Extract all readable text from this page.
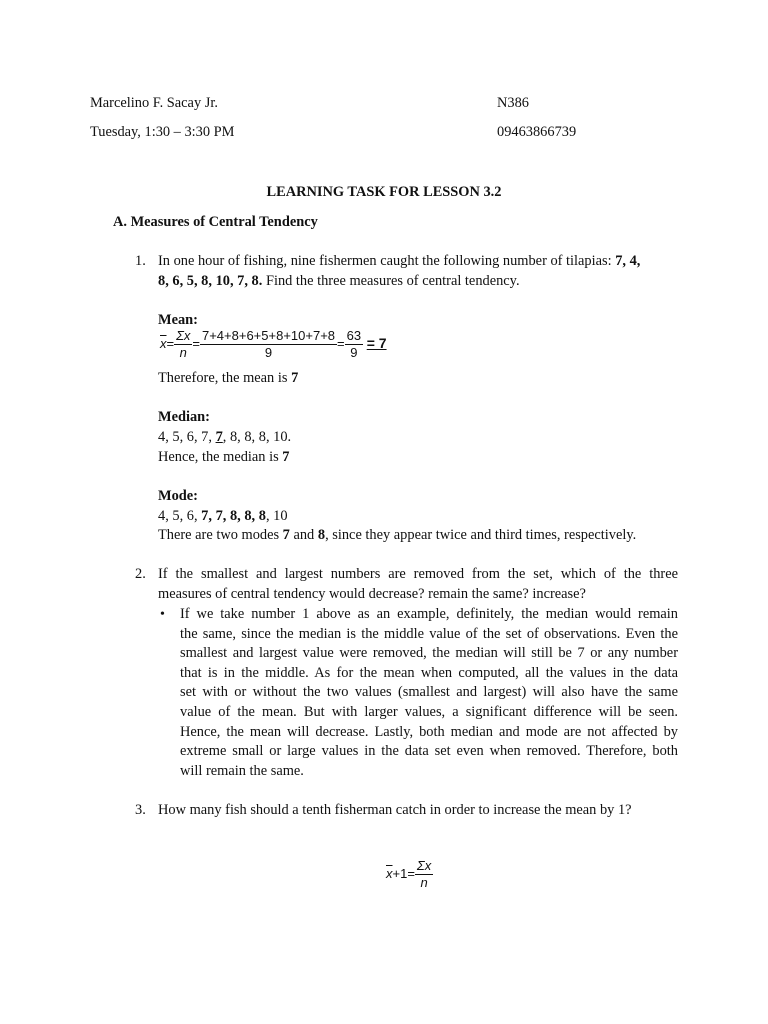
Marcelino F. Sacay Jr.	N386
Tuesday, 1:30 – 3:30 PM	09463866739
LEARNING TASK FOR LESSON 3.2
A. Measures of Central Tendency
1. In one hour of fishing, nine fishermen caught the following number of tilapias: 7, 4,
8, 6, 5, 8, 10, 7, 8. Find the three measures of central tendency.
Mean:
$\overline{x}= \frac{\Sigma x}{n} = \frac{7+4+8+6+5+8+10+7+8}{9} = \frac{63}{9} = 7$
Therefore, the mean is 7
Median:
4, 5, 6, 7, 7, 8, 8, 8, 10.
Hence, the median is 7
Mode:
4, 5, 6, 7, 7, 8, 8, 8, 10
There are two modes 7 and 8, since they appear twice and third times, respectively.
2. If the smallest and largest numbers are removed from the set, which of the three
measures of central tendency would decrease? remain the same? increase?
• If we take number 1 above as an example, definitely, the median would remain
the same, since the median is the middle value of the set of observations. Even the
smallest and largest value were removed, the median will still be 7 or any number
that is in the middle. As for the mean when computed, all the values in the data
set with or without the two values (smallest and largest) will also have the same
value of the mean. But with larger values, a significant difference will be seen.
Hence, the mean will decrease. Lastly, both median and mode are not affected by
extreme small or large values in the data set even when removed. Therefore, both
will remain the same.
3. How many fish should a tenth fisherman catch in order to increase the mean by 1?
$\overline{x}+1= \frac{\Sigma x}{n}$
